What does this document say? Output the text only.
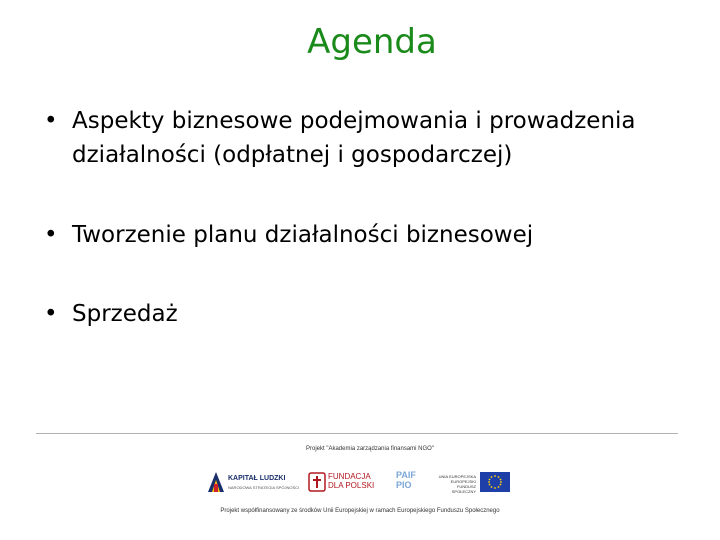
Agenda
• Aspekty biznesowe podejmowania i prowadzenia działalności (odpłatnej i gospodarczej)
• Tworzenie planu działalności biznesowej
• Sprzedaż
Projekt "Akademia zarządzania finansami NGO"
KAPITAŁ LUDZKI
NARODOWA STRATEGIA SPÓJNOŚCI
FUNDACJA
DLA POLSKI
PAIF
PIO
UNIA EUROPEJSKA
EUROPEJSKI
FUNDUSZ SPOŁECZNY
Projekt współfinansowany ze środków Unii Europejskiej w ramach Europejskiego Funduszu Społecznego
